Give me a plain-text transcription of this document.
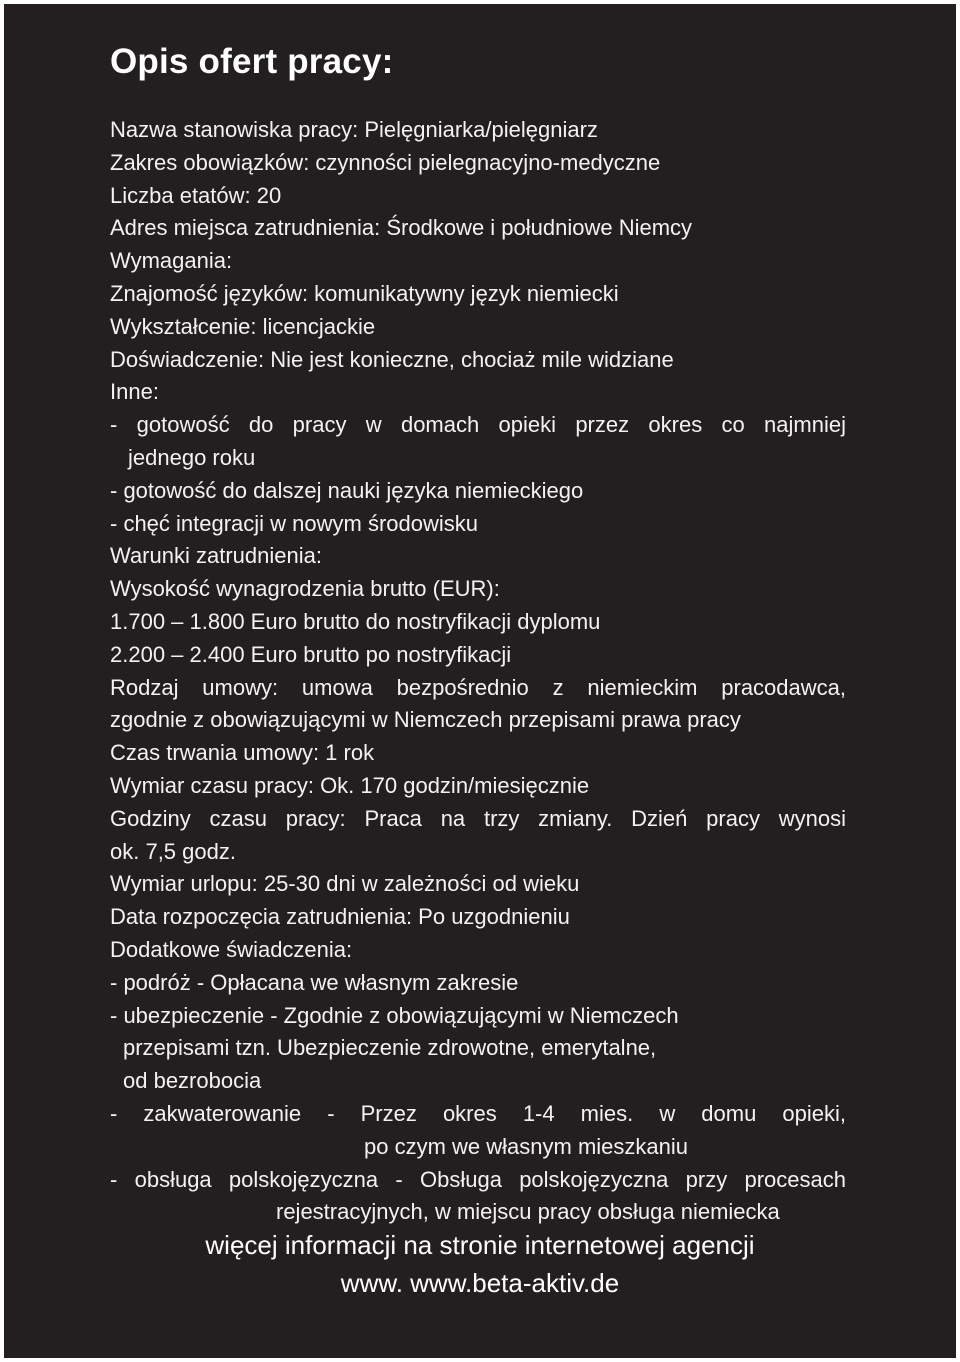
Opis ofert pracy:
Nazwa stanowiska pracy: Pielęgniarka/pielęgniarz
Zakres obowiązków: czynności pielegnacyjno-medyczne
Liczba etatów: 20
Adres miejsca zatrudnienia: Środkowe i południowe Niemcy
Wymagania:
Znajomość języków: komunikatywny język niemiecki
Wykształcenie: licencjackie
Doświadczenie: Nie jest konieczne, chociaż mile widziane
Inne:
- gotowość do pracy w domach opieki przez okres co najmniej
jednego roku
- gotowość do dalszej nauki języka niemieckiego
- chęć integracji w nowym środowisku
Warunki zatrudnienia:
Wysokość wynagrodzenia brutto (EUR):
1.700 – 1.800 Euro brutto do nostryfikacji dyplomu
2.200 – 2.400 Euro brutto po nostryfikacji
Rodzaj umowy: umowa bezpośrednio z niemieckim pracodawca,
zgodnie z obowiązującymi w Niemczech przepisami prawa pracy
Czas trwania umowy: 1 rok
Wymiar czasu pracy: Ok. 170 godzin/miesięcznie
Godziny czasu pracy: Praca na trzy zmiany. Dzień pracy wynosi
ok. 7,5 godz.
Wymiar urlopu: 25-30 dni w zależności od wieku
Data rozpoczęcia zatrudnienia: Po uzgodnieniu
Dodatkowe świadczenia:
- podróż - Opłacana we własnym zakresie
- ubezpieczenie - Zgodnie z obowiązującymi w Niemczech
przepisami tzn. Ubezpieczenie zdrowotne, emerytalne,
od bezrobocia
- zakwaterowanie - Przez okres 1-4 mies. w domu opieki,
po czym we własnym mieszkaniu
- obsługa polskojęzyczna - Obsługa polskojęzyczna przy procesach
rejestracyjnych, w miejscu pracy obsługa niemiecka
więcej informacji na stronie internetowej agencji
www. www.beta-aktiv.de
